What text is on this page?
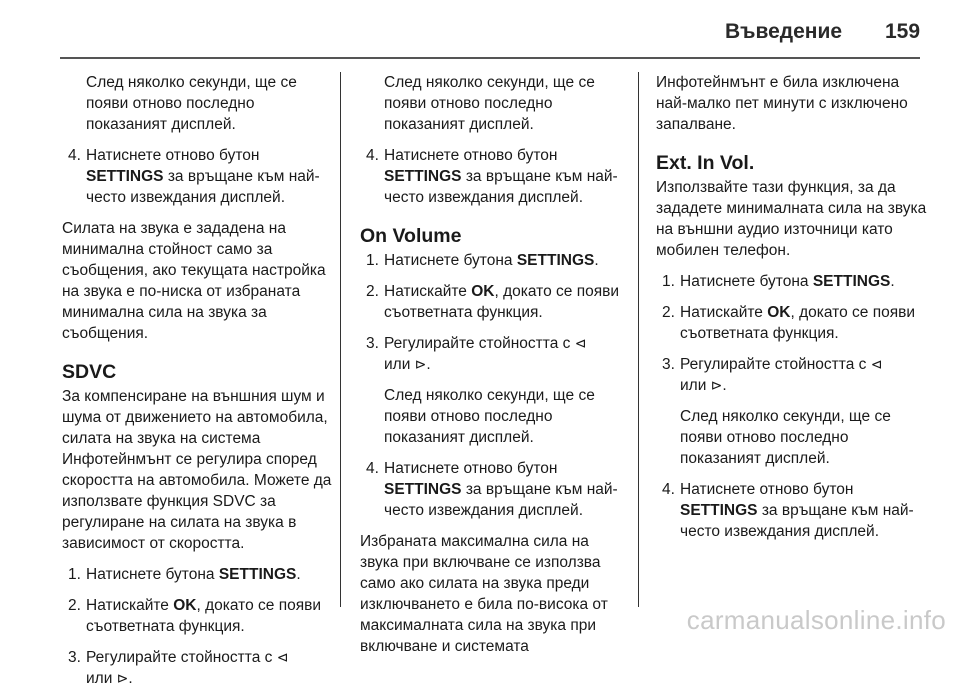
Въведение 159

След няколко секунди, ще се появи отново последно показаният дисплей.

4. Натиснете отново бутон
SETTINGS за връщане към най-често извеждания дисплей.

Силата на звука е зададена на минимална стойност само за съобщения, ако текущата настройка на звука е по-ниска от избраната минимална сила на звука за съобщения.

SDVC

За компенсиране на външния шум и шума от движението на автомобила, силата на звука на система Инфотейнмънт се регулира според скоростта на автомобила. Можете да използвате функция SDVC за регулиране на силата на звука в зависимост от скоростта.

1. Натиснете бутона SETTINGS.
2. Натискайте OK, докато се появи съответната функция.
3. Регулирайте стойността с ⊲
или ⊳.

След няколко секунди, ще се появи отново последно показаният дисплей.

4. Натиснете отново бутон
SETTINGS за връщане към най-често извеждания дисплей.
On Volume
1. Натиснете бутона SETTINGS.
2. Натискайте OK, докато се появи съответната функция.
3. Регулирайте стойността с ⊲
или ⊳.

След няколко секунди, ще се появи отново последно показаният дисплей.

4. Натиснете отново бутон
SETTINGS за връщане към най-често извеждания дисплей.

Избраната максимална сила на звука при включване се използва само ако силата на звука преди изключването е била по-висока от максималната сила на звука при включване и системата

Инфотейнмънт е била изключена най-малко пет минути с изключено запалване.

Ext. In Vol.

Използвайте тази функция, за да зададете минималната сила на звука на външни аудио източници като мобилен телефон.

1. Натиснете бутона SETTINGS.
2. Натискайте OK, докато се появи съответната функция.
3. Регулирайте стойността с ⊲
или ⊳.

След няколко секунди, ще се появи отново последно показаният дисплей.

4. Натиснете отново бутон
SETTINGS за връщане към най-често извеждания дисплей.
carmanualsonline.info
